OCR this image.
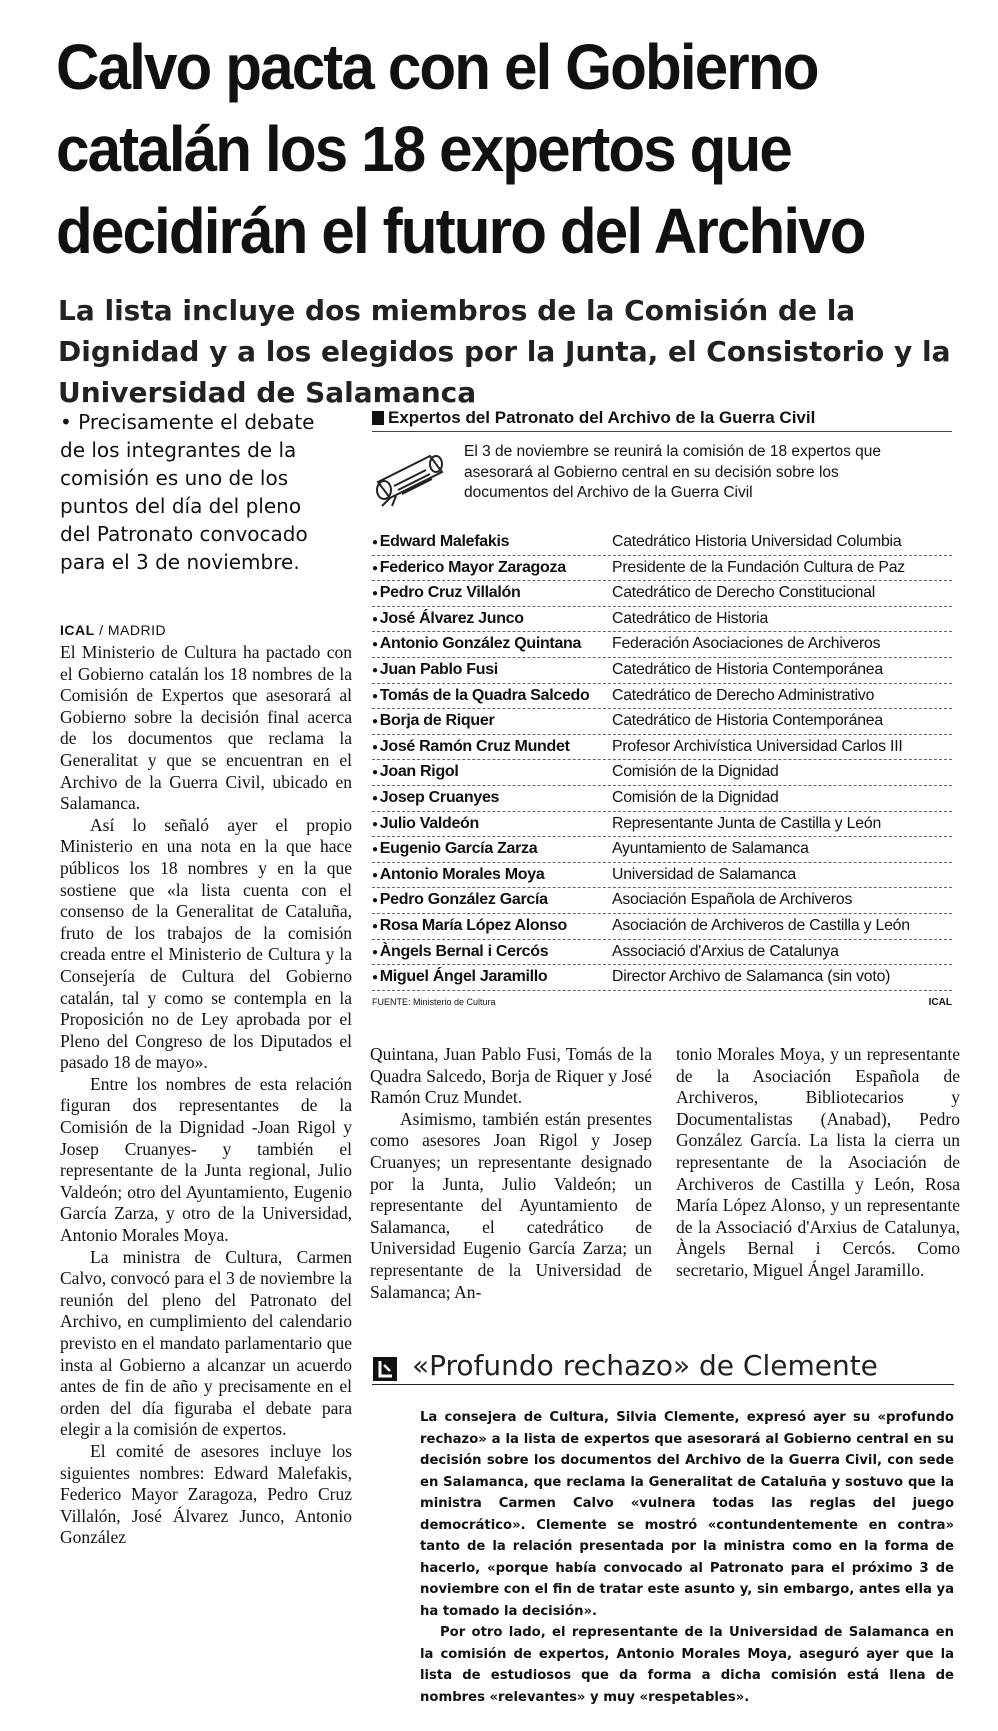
Calvo pacta con el Gobierno catalán los 18 expertos que decidirán el futuro del Archivo
La lista incluye dos miembros de la Comisión de la Dignidad y a los elegidos por la Junta, el Consistorio y la Universidad de Salamanca

• Precisamente el debate de los integrantes de la comisión es uno de los puntos del día del pleno del Patronato convocado para el 3 de noviembre.

ICAL / MADRID

El Ministerio de Cultura ha pactado con el Gobierno catalán los 18 nombres de la Comisión de Expertos que asesorará al Gobierno sobre la decisión final acerca de los documentos que reclama la Generalitat y que se encuentran en el Archivo de la Guerra Civil, ubicado en Salamanca.

Así lo señaló ayer el propio Ministerio en una nota en la que hace públicos los 18 nombres y en la que sostiene que «la lista cuenta con el consenso de la Generalitat de Cataluña, fruto de los trabajos de la comisión creada entre el Ministerio de Cultura y la Consejería de Cultura del Gobierno catalán, tal y como se contempla en la Proposición no de Ley aprobada por el Pleno del Congreso de los Diputados el pasado 18 de mayo».

Entre los nombres de esta relación figuran dos representantes de la Comisión de la Dignidad -Joan Rigol y Josep Cruanyes- y también el representante de la Junta regional, Julio Valdeón; otro del Ayuntamiento, Eugenio García Zarza, y otro de la Universidad, Antonio Morales Moya.

La ministra de Cultura, Carmen Calvo, convocó para el 3 de noviembre la reunión del pleno del Patronato del Archivo, en cumplimiento del calendario previsto en el mandato parlamentario que insta al Gobierno a alcanzar un acuerdo antes de fin de año y precisamente en el orden del día figuraba el debate para elegir a la comisión de expertos.

El comité de asesores incluye los siguientes nombres: Edward Malefakis, Federico Mayor Zaragoza, Pedro Cruz Villalón, José Álvarez Junco, Antonio González

Quintana, Juan Pablo Fusi, Tomás de la Quadra Salcedo, Borja de Riquer y José Ramón Cruz Mundet.

Asimismo, también están presentes como asesores Joan Rigol y Josep Cruanyes; un representante designado por la Junta, Julio Valdeón; un representante del Ayuntamiento de Salamanca, el catedrático de Universidad Eugenio García Zarza; un representante de la Universidad de Salamanca; An-

tonio Morales Moya, y un representante de la Asociación Española de Archiveros, Bibliotecarios y Documentalistas (Anabad), Pedro González García. La lista la cierra un representante de la Asociación de Archiveros de Castilla y León, Rosa María López Alonso, y un representante de la Associació d'Arxius de Catalunya, Àngels Bernal i Cercós. Como secretario, Miguel Ángel Jaramillo.

Expertos del Patronato del Archivo de la Guerra Civil
El 3 de noviembre se reunirá la comisión de 18 expertos que asesorará al Gobierno central en su decisión sobre los documentos del Archivo de la Guerra Civil
● Edward Malefakis	Catedrático Historia Universidad Columbia
● Federico Mayor Zaragoza	Presidente de la Fundación Cultura de Paz
● Pedro Cruz Villalón	Catedrático de Derecho Constitucional
● José Álvarez Junco	Catedrático de Historia
● Antonio González Quintana	Federación Asociaciones de Archiveros
● Juan Pablo Fusi	Catedrático de Historia Contemporánea
● Tomás de la Quadra Salcedo	Catedrático de Derecho Administrativo
● Borja de Riquer	Catedrático de Historia Contemporánea
● José Ramón Cruz Mundet	Profesor Archivística Universidad Carlos III
● Joan Rigol	Comisión de la Dignidad
● Josep Cruanyes	Comisión de la Dignidad
● Julio Valdeón	Representante Junta de Castilla y León
● Eugenio García Zarza	Ayuntamiento de Salamanca
● Antonio Morales Moya	Universidad de Salamanca
● Pedro González García	Asociación Española de Archiveros
● Rosa María López Alonso	Asociación de Archiveros de Castilla y León
● Àngels Bernal i Cercós	Associació d'Arxius de Catalunya
● Miguel Ángel Jaramillo	Director Archivo de Salamanca (sin voto)
FUENTE: Ministerio de Cultura	ICAL
«Profundo rechazo» de Clemente

La consejera de Cultura, Silvia Clemente, expresó ayer su «profundo rechazo» a la lista de expertos que asesorará al Gobierno central en su decisión sobre los documentos del Archivo de la Guerra Civil, con sede en Salamanca, que reclama la Generalitat de Cataluña y sostuvo que la ministra Carmen Calvo «vulnera todas las reglas del juego democrático». Clemente se mostró «contundentemente en contra» tanto de la relación presentada por la ministra como en la forma de hacerlo, «porque había convocado al Patronato para el próximo 3 de noviembre con el fin de tratar este asunto y, sin embargo, antes ella ya ha tomado la decisión».

Por otro lado, el representante de la Universidad de Salamanca en la comisión de expertos, Antonio Morales Moya, aseguró ayer que la lista de estudiosos que da forma a dicha comisión está llena de nombres «relevantes» y muy «respetables».
